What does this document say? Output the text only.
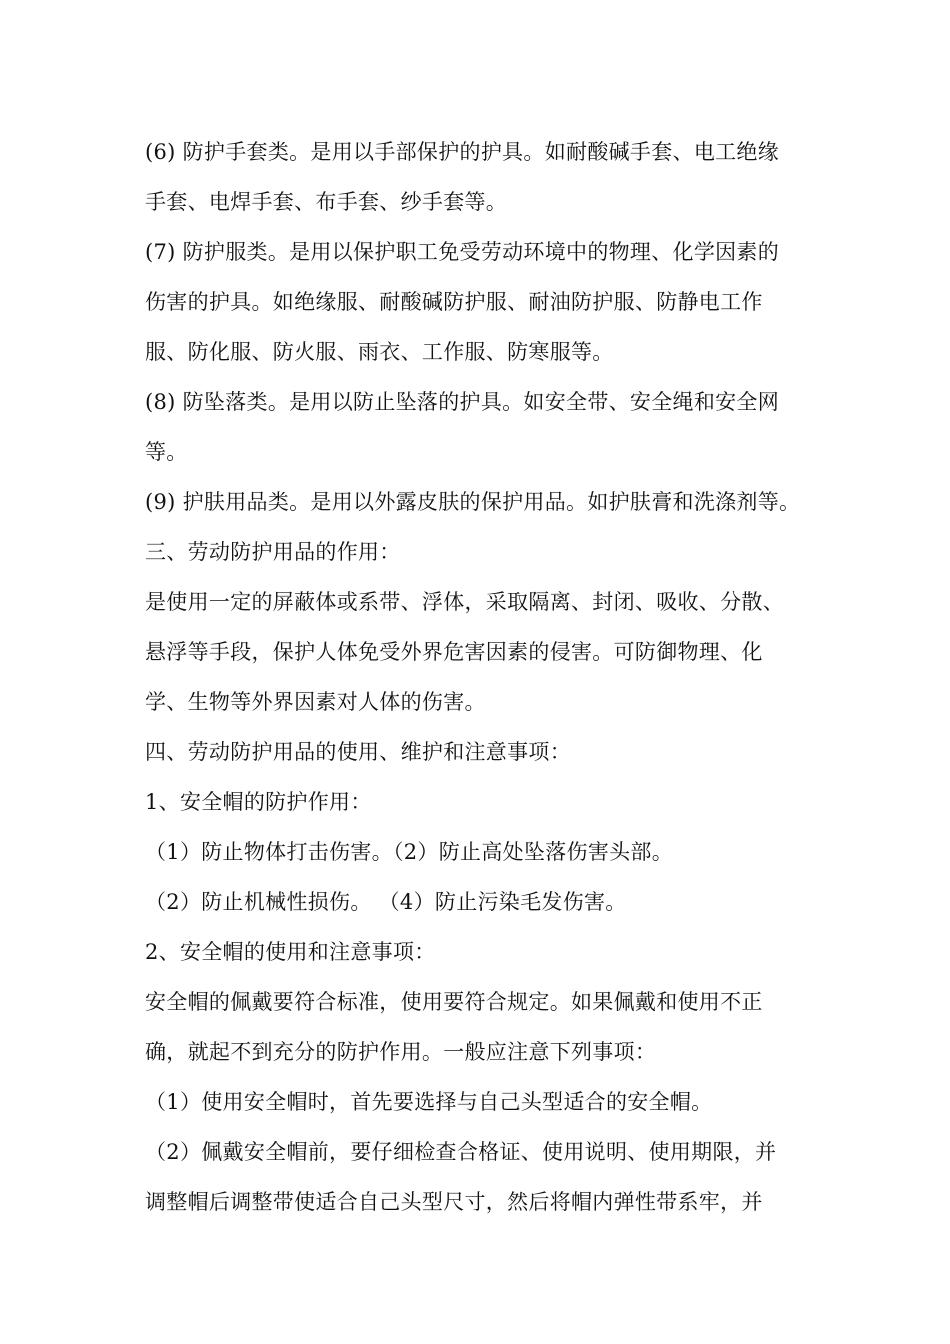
(6) 防护手套类。是用以手部保护的护具。如耐酸碱手套、电工绝缘
手套、电焊手套、布手套、纱手套等。
(7) 防护服类。是用以保护职工免受劳动环境中的物理、化学因素的
伤害的护具。如绝缘服、耐酸碱防护服、耐油防护服、防静电工作
服、防化服、防火服、雨衣、工作服、防寒服等。
(8) 防坠落类。是用以防止坠落的护具。如安全带、安全绳和安全网
等。
(9) 护肤用品类。是用以外露皮肤的保护用品。如护肤膏和洗涤剂等。
三、劳动防护用品的作用：
是使用一定的屏蔽体或系带、浮体，采取隔离、封闭、吸收、分散、
悬浮等手段，保护人体免受外界危害因素的侵害。可防御物理、化
学、生物等外界因素对人体的伤害。
四、劳动防护用品的使用、维护和注意事项：
1、安全帽的防护作用：
（1）防止物体打击伤害。（2）防止高处坠落伤害头部。
（2）防止机械性损伤。 （4）防止污染毛发伤害。
2、安全帽的使用和注意事项：
安全帽的佩戴要符合标准，使用要符合规定。如果佩戴和使用不正
确，就起不到充分的防护作用。一般应注意下列事项：
（1）使用安全帽时，首先要选择与自己头型适合的安全帽。
（2）佩戴安全帽前，要仔细检查合格证、使用说明、使用期限，并
调整帽后调整带使适合自己头型尺寸，然后将帽内弹性带系牢，并
